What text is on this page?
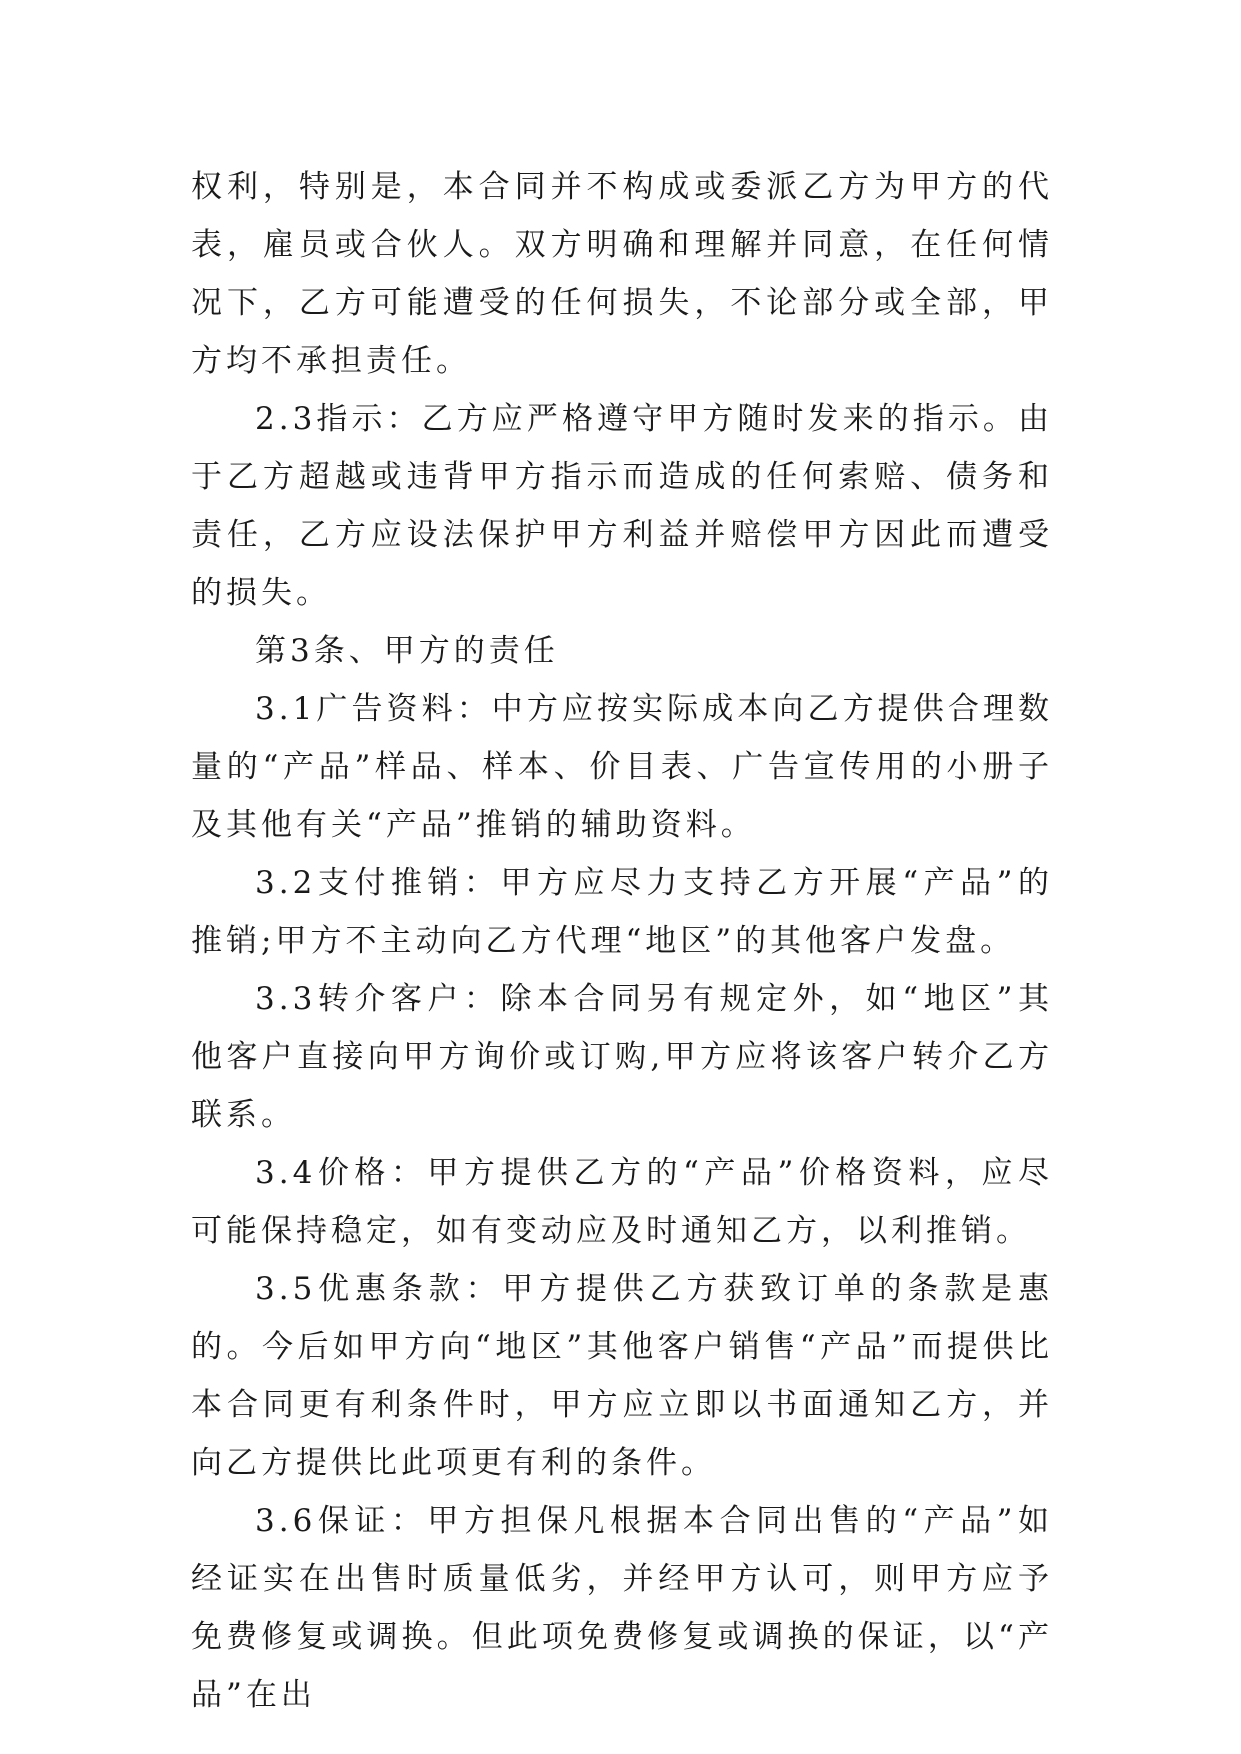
权利，特别是，本合同并不构成或委派乙方为甲方的代表，雇员或合伙人。双方明确和理解并同意，在任何情况下，乙方可能遭受的任何损失，不论部分或全部，甲方均不承担责任。

2.3指示：乙方应严格遵守甲方随时发来的指示。由于乙方超越或违背甲方指示而造成的任何索赔、债务和责任，乙方应设法保护甲方利益并赔偿甲方因此而遭受的损失。

第3条、甲方的责任

3.1广告资料：中方应按实际成本向乙方提供合理数量的“产品”样品、样本、价目表、广告宣传用的小册子及其他有关“产品”推销的辅助资料。

3.2支付推销：甲方应尽力支持乙方开展“产品”的推销;甲方不主动向乙方代理“地区”的其他客户发盘。

3.3转介客户：除本合同另有规定外，如“地区”其他客户直接向甲方询价或订购,甲方应将该客户转介乙方联系。

3.4价格：甲方提供乙方的“产品”价格资料，应尽可能保持稳定，如有变动应及时通知乙方，以利推销。

3.5优惠条款：甲方提供乙方获致订单的条款是惠的。今后如甲方向“地区”其他客户销售“产品”而提供比本合同更有利条件时，甲方应立即以书面通知乙方，并向乙方提供比此项更有利的条件。

3.6保证：甲方担保凡根据本合同出售的“产品”如经证实在出售时质量低劣，并经甲方认可，则甲方应予免费修复或调换。但此项免费修复或调换的保证，以“产品”在出
